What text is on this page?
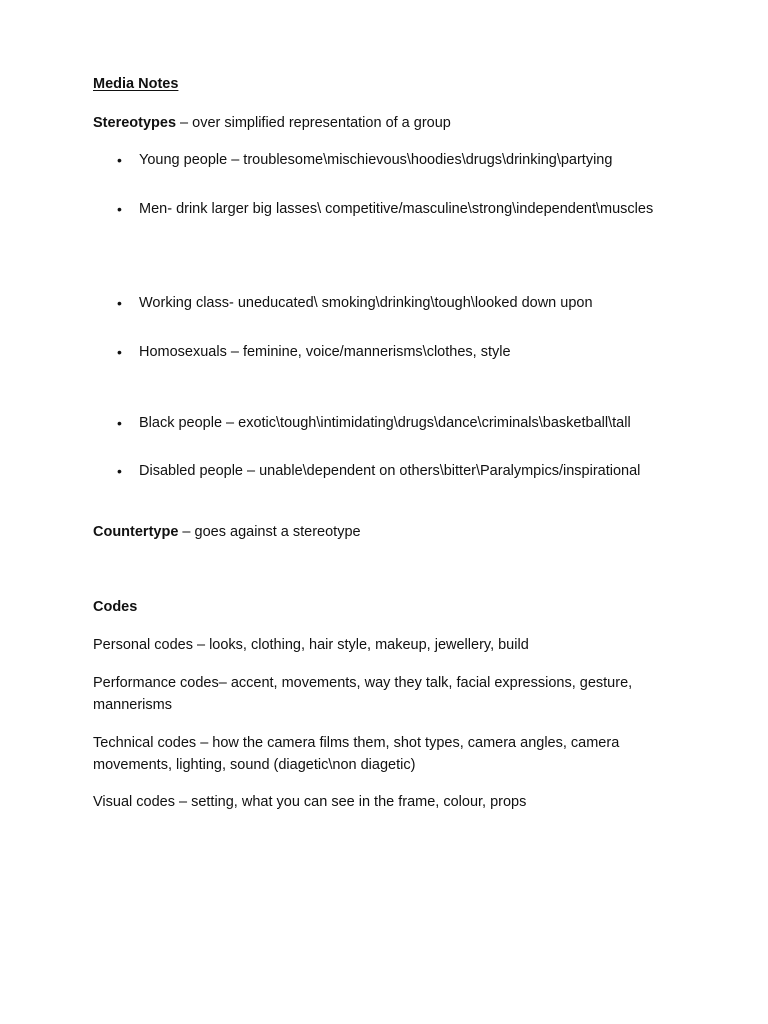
Media Notes
Stereotypes – over simplified representation of a group
•	Young people – troublesome\mischievous\hoodies\drugs\drinking\partying
•	Men- drink larger big lasses\ competitive/masculine\strong\independent\muscles
•	Working class- uneducated\ smoking\drinking\tough\looked down upon
•	Homosexuals – feminine, voice/mannerisms\clothes, style
•	Black people – exotic\tough\intimidating\drugs\dance\criminals\basketball\tall
•	Disabled people – unable\dependent on others\bitter\Paralympics/inspirational
Countertype – goes against a stereotype
Codes
Personal codes – looks, clothing, hair style, makeup, jewellery, build
Performance codes– accent, movements, way they talk, facial expressions, gesture, mannerisms
Technical codes – how the camera films them, shot types, camera angles, camera movements, lighting, sound (diagetic\non diagetic)
Visual codes – setting, what you can see in the frame, colour, props
